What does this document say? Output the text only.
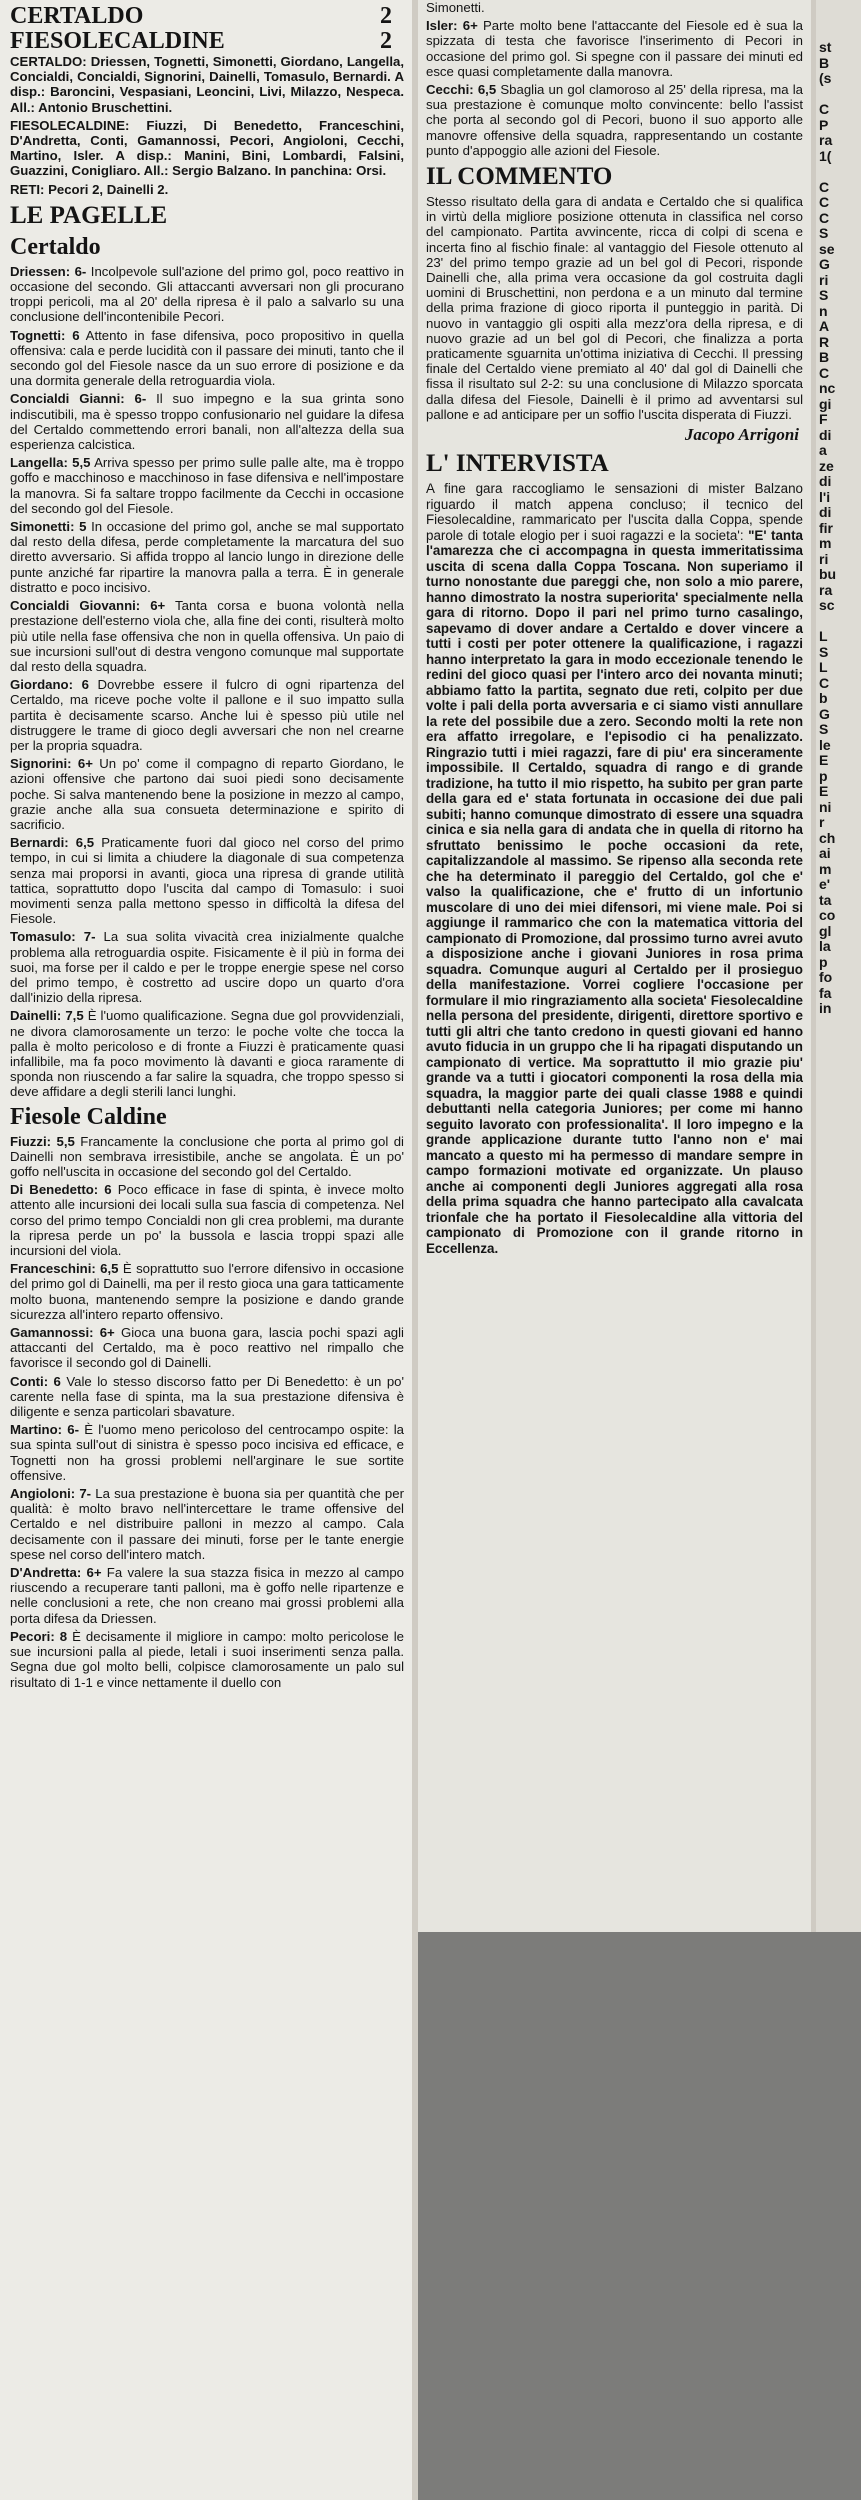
CERTALDO	2
FIESOLECALDINE	2

CERTALDO: Driessen, Tognetti, Simonetti, Giordano, Langella, Concialdi, Concialdi, Signorini, Dainelli, Tomasulo, Bernardi. A disp.: Baroncini, Vespasiani, Leoncini, Livi, Milazzo, Nespeca. All.: Antonio Bruschettini.

FIESOLECALDINE: Fiuzzi, Di Benedetto, Franceschini, D'Andretta, Conti, Gamannossi, Pecori, Angioloni, Cecchi, Martino, Isler. A disp.: Manini, Bini, Lombardi, Falsini, Guazzini, Conigliaro. All.: Sergio Balzano. In panchina: Orsi.

RETI: Pecori 2, Dainelli 2.

LE PAGELLE
Certaldo

Driessen: 6- Incolpevole sull'azione del primo gol, poco reattivo in occasione del secondo. Gli attaccanti avversari non gli procurano troppi pericoli, ma al 20' della ripresa è il palo a salvarlo su una conclusione dell'incontenibile Pecori.

Tognetti: 6 Attento in fase difensiva, poco propositivo in quella offensiva: cala e perde lucidità con il passare dei minuti, tanto che il secondo gol del Fiesole nasce da un suo errore di posizione e da una dormita generale della retroguardia viola.

Concialdi Gianni: 6- Il suo impegno e la sua grinta sono indiscutibili, ma è spesso troppo confusionario nel guidare la difesa del Certaldo commettendo errori banali, non all'altezza della sua esperienza calcistica.

Langella: 5,5 Arriva spesso per primo sulle palle alte, ma è troppo goffo e macchinoso e macchinoso in fase difensiva e nell'impostare la manovra. Si fa saltare troppo facilmente da Cecchi in occasione del secondo gol del Fiesole.

Simonetti: 5 In occasione del primo gol, anche se mal supportato dal resto della difesa, perde completamente la marcatura del suo diretto avversario. Si affida troppo al lancio lungo in direzione delle punte anziché far ripartire la manovra palla a terra. È in generale distratto e poco incisivo.

Concialdi Giovanni: 6+ Tanta corsa e buona volontà nella prestazione dell'esterno viola che, alla fine dei conti, risulterà molto più utile nella fase offensiva che non in quella offensiva. Un paio di sue incursioni sull'out di destra vengono comunque mal supportate dal resto della squadra.

Giordano: 6 Dovrebbe essere il fulcro di ogni ripartenza del Certaldo, ma riceve poche volte il pallone e il suo impatto sulla partita è decisamente scarso. Anche lui è spesso più utile nel distruggere le trame di gioco degli avversari che non nel crearne per la propria squadra.

Signorini: 6+ Un po' come il compagno di reparto Giordano, le azioni offensive che partono dai suoi piedi sono decisamente poche. Si salva mantenendo bene la posizione in mezzo al campo, grazie anche alla sua consueta determinazione e spirito di sacrificio.

Bernardi: 6,5 Praticamente fuori dal gioco nel corso del primo tempo, in cui si limita a chiudere la diagonale di sua competenza senza mai proporsi in avanti, gioca una ripresa di grande utilità tattica, soprattutto dopo l'uscita dal campo di Tomasulo: i suoi movimenti senza palla mettono spesso in difficoltà la difesa del Fiesole.

Tomasulo: 7- La sua solita vivacità crea inizialmente qualche problema alla retroguardia ospite. Fisicamente è il più in forma dei suoi, ma forse per il caldo e per le troppe energie spese nel corso del primo tempo, è costretto ad uscire dopo un quarto d'ora dall'inizio della ripresa.

Dainelli: 7,5 È l'uomo qualificazione. Segna due gol provvidenziali, ne divora clamorosamente un terzo: le poche volte che tocca la palla è molto pericoloso e di fronte a Fiuzzi è praticamente quasi infallibile, ma fa poco movimento là davanti e gioca raramente di sponda non riuscendo a far salire la squadra, che troppo spesso si deve affidare a degli sterili lanci lunghi.

Fiesole Caldine

Fiuzzi: 5,5 Francamente la conclusione che porta al primo gol di Dainelli non sembrava irresistibile, anche se angolata. È un po' goffo nell'uscita in occasione del secondo gol del Certaldo.

Di Benedetto: 6 Poco efficace in fase di spinta, è invece molto attento alle incursioni dei locali sulla sua fascia di competenza. Nel corso del primo tempo Concialdi non gli crea problemi, ma durante la ripresa perde un po' la bussola e lascia troppi spazi alle incursioni del viola.

Franceschini: 6,5 È soprattutto suo l'errore difensivo in occasione del primo gol di Dainelli, ma per il resto gioca una gara tatticamente molto buona, mantenendo sempre la posizione e dando grande sicurezza all'intero reparto offensivo.

Gamannossi: 6+ Gioca una buona gara, lascia pochi spazi agli attaccanti del Certaldo, ma è poco reattivo nel rimpallo che favorisce il secondo gol di Dainelli.

Conti: 6 Vale lo stesso discorso fatto per Di Benedetto: è un po' carente nella fase di spinta, ma la sua prestazione difensiva è diligente e senza particolari sbavature.

Martino: 6- È l'uomo meno pericoloso del centrocampo ospite: la sua spinta sull'out di sinistra è spesso poco incisiva ed efficace, e Tognetti non ha grossi problemi nell'arginare le sue sortite offensive.

Angioloni: 7- La sua prestazione è buona sia per quantità che per qualità: è molto bravo nell'intercettare le trame offensive del Certaldo e nel distribuire palloni in mezzo al campo. Cala decisamente con il passare dei minuti, forse per le tante energie spese nel corso dell'intero match.

D'Andretta: 6+ Fa valere la sua stazza fisica in mezzo al campo riuscendo a recuperare tanti palloni, ma è goffo nelle ripartenze e nelle conclusioni a rete, che non creano mai grossi problemi alla porta difesa da Driessen.

Pecori: 8 È decisamente il migliore in campo: molto pericolose le sue incursioni palla al piede, letali i suoi inserimenti senza palla. Segna due gol molto belli, colpisce clamorosamente un palo sul risultato di 1-1 e vince nettamente il duello con

Simonetti.

Isler: 6+ Parte molto bene l'attaccante del Fiesole ed è sua la spizzata di testa che favorisce l'inserimento di Pecori in occasione del primo gol. Si spegne con il passare dei minuti ed esce quasi completamente dalla manovra.

Cecchi: 6,5 Sbaglia un gol clamoroso al 25' della ripresa, ma la sua prestazione è comunque molto convincente: bello l'assist che porta al secondo gol di Pecori, buono il suo apporto alle manovre offensive della squadra, rappresentando un costante punto d'appoggio alle azioni del Fiesole.

IL COMMENTO

Stesso risultato della gara di andata e Certaldo che si qualifica in virtù della migliore posizione ottenuta in classifica nel corso del campionato. Partita avvincente, ricca di colpi di scena e incerta fino al fischio finale: al vantaggio del Fiesole ottenuto al 23' del primo tempo grazie ad un bel gol di Pecori, risponde Dainelli che, alla prima vera occasione da gol costruita dagli uomini di Bruschettini, non perdona e a un minuto dal termine della prima frazione di gioco riporta il punteggio in parità. Di nuovo in vantaggio gli ospiti alla mezz'ora della ripresa, e di nuovo grazie ad un bel gol di Pecori, che finalizza a porta praticamente sguarnita un'ottima iniziativa di Cecchi. Il pressing finale del Certaldo viene premiato al 40' dal gol di Dainelli che fissa il risultato sul 2-2: su una conclusione di Milazzo sporcata dalla difesa del Fiesole, Dainelli è il primo ad avventarsi sul pallone e ad anticipare per un soffio l'uscita disperata di Fiuzzi.

Jacopo Arrigoni
L' INTERVISTA

A fine gara raccogliamo le sensazioni di mister Balzano riguardo il match appena concluso; il tecnico del Fiesolecaldine, rammaricato per l'uscita dalla Coppa, spende parole di totale elogio per i suoi ragazzi e la societa': "E' tanta l'amarezza che ci accompagna in questa immeritatissima uscita di scena dalla Coppa Toscana. Non superiamo il turno nonostante due pareggi che, non solo a mio parere, hanno dimostrato la nostra superiorita' specialmente nella gara di ritorno. Dopo il pari nel primo turno casalingo, sapevamo di dover andare a Certaldo e dover vincere a tutti i costi per poter ottenere la qualificazione, i ragazzi hanno interpretato la gara in modo eccezionale tenendo le redini del gioco quasi per l'intero arco dei novanta minuti; abbiamo fatto la partita, segnato due reti, colpito per due volte i pali della porta avversaria e ci siamo visti annullare la rete del possibile due a zero. Secondo molti la rete non era affatto irregolare, e l'episodio ci ha penalizzato. Ringrazio tutti i miei ragazzi, fare di piu' era sinceramente impossibile. Il Certaldo, squadra di rango e di grande tradizione, ha tutto il mio rispetto, ha subito per gran parte della gara ed e' stata fortunata in occasione dei due pali subiti; hanno comunque dimostrato di essere una squadra cinica e sia nella gara di andata che in quella di ritorno ha sfruttato benissimo le poche occasioni da rete, capitalizzandole al massimo. Se ripenso alla seconda rete che ha determinato il pareggio del Certaldo, gol che e' valso la qualificazione, che e' frutto di un infortunio muscolare di uno dei miei difensori, mi viene male. Poi si aggiunge il rammarico che con la matematica vittoria del campionato di Promozione, dal prossimo turno avrei avuto a disposizione anche i giovani Juniores in rosa prima squadra. Comunque auguri al Certaldo per il prosieguo della manifestazione. Vorrei cogliere l'occasione per formulare il mio ringraziamento alla societa' Fiesolecaldine nella persona del presidente, dirigenti, direttore sportivo e tutti gli altri che tanto credono in questi giovani ed hanno avuto fiducia in un gruppo che li ha ripagati disputando un campionato di vertice. Ma soprattutto il mio grazie piu' grande va a tutti i giocatori componenti la rosa della mia squadra, la maggior parte dei quali classe 1988 e quindi debuttanti nella categoria Juniores; per come mi hanno seguito lavorato con professionalita'. Il loro impegno e la grande applicazione durante tutto l'anno non e' mai mancato a questo mi ha permesso di mandare sempre in campo formazioni motivate ed organizzate. Un plauso anche ai componenti degli Juniores aggregati alla rosa della prima squadra che hanno partecipato alla cavalcata trionfale che ha portato il Fiesolecaldine alla vittoria del campionato di Promozione con il grande ritorno in Eccellenza.

st
B
(s

C
P
ra
1(

C
C
C
S
se
G
ri
S
n
A
R
B
C
nc
gi
F
di
a
ze
di
l'i
di
fir
m
ri
bu
ra
sc

L
S
L
C
b
G
S
le
E
p
E
ni
r
ch
ai
m
e'
ta
co
gl
la
p
fo
fa
in
